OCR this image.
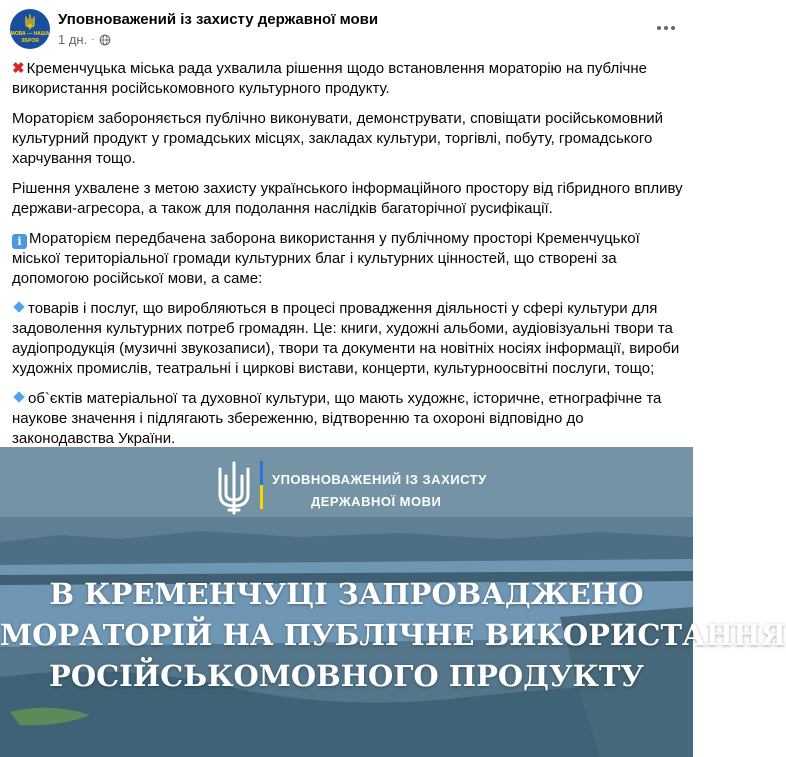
МОВА — НАША
ЗБРОЯ
Уповноважений із захисту державної мови
1 дн. ·

✖ Кременчуцька міська рада ухвалила рішення щодо встановлення мораторію на публічне використання російськомовного культурного продукту.

Мораторієм забороняється публічно виконувати, демонструвати, сповіщати російськомовний культурний продукт у громадських місцях, закладах культури, торгівлі, побуту, громадського харчування тощо.

Рішення ухвалене з метою захисту українського інформаційного простору від гібридного впливу держави-агресора, а також для подолання наслідків багаторічної русифікації.

i Мораторієм передбачена заборона використання у публічному просторі Кременчуцької міської територіальної громади культурних благ і культурних цінностей, що створені за допомогою російської мови, а саме:

товарів і послуг, що виробляються в процесі провадження діяльності у сфері культури для задоволення культурних потреб громадян. Це: книги, художні альбоми, аудіовізуальні твори та аудіопродукція (музичні звукозаписи), твори та документи на новітніх носіях інформації, вироби художніх промислів, театральні і циркові вистави, концерти, культурноосвітні послуги, тощо;

об`єктів матеріальної та духовної культури, що мають художнє, історичне, етнографічне та наукове значення і підлягають збереженню, відтворенню та охороні відповідно до законодавства України.

УПОВНОВАЖЕНИЙ ІЗ ЗАХИСТУ
ДЕРЖАВНОЇ МОВИ
В КРЕМЕНЧУЦІ ЗАПРОВАДЖЕНО
МОРАТОРІЙ НА ПУБЛІЧНЕ ВИКОРИСТАННЯ
РОСІЙСЬКОМОВНОГО ПРОДУКТУ
